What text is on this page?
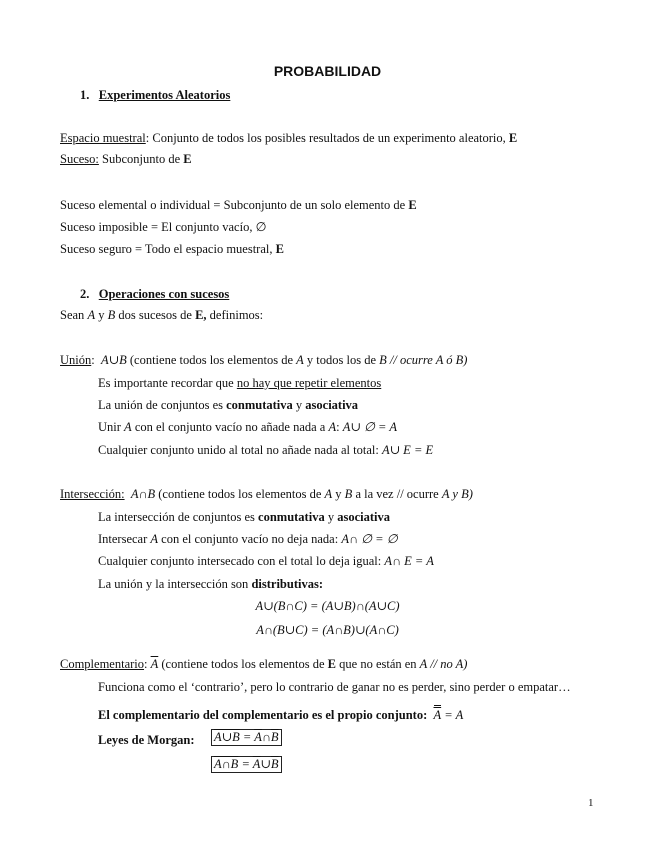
PROBABILIDAD
1. Experimentos Aleatorios
Espacio muestral: Conjunto de todos los posibles resultados de un experimento aleatorio, E
Suceso: Subconjunto de E
Suceso elemental o individual = Subconjunto de un solo elemento de E
Suceso imposible = El conjunto vacío, ∅
Suceso seguro = Todo el espacio muestral, E
2. Operaciones con sucesos
Sean A y B dos sucesos de E, definimos:
Unión:  A∪B (contiene todos los elementos de A y todos los de B // ocurre A ó B)
Es importante recordar que no hay que repetir elementos
La unión de conjuntos es conmutativa y asociativa
Unir A con el conjunto vacío no añade nada a A: A∪ ∅ = A
Cualquier conjunto unido al total no añade nada al total: A∪ E = E
Intersección: A∩B (contiene todos los elementos de A y B a la vez // ocurre A y B)
La intersección de conjuntos es conmutativa y asociativa
Intersecar A con el conjunto vacío no deja nada: A∩ ∅ = ∅
Cualquier conjunto intersecado con el total lo deja igual: A∩ E = A
La unión y la intersección son distributivas:
A∪(B∩C) = (A∪B)∩(A∪C)
A∩(B∪C) = (A∩B)∪(A∩C)
Complementario: $\overline{A}$ (contiene todos los elementos de E que no están en A // no A)
Funciona como el ‘contrario’, pero lo contrario de ganar no es perder, sino perder o empatar…
El complementario del complementario es el propio conjunto: $\overline{A} = A$
Leyes de Morgan: A∪B = $\overline{A}\cap\overline{B}$
A∩B = $\overline{A}\cup\overline{B}$
1
